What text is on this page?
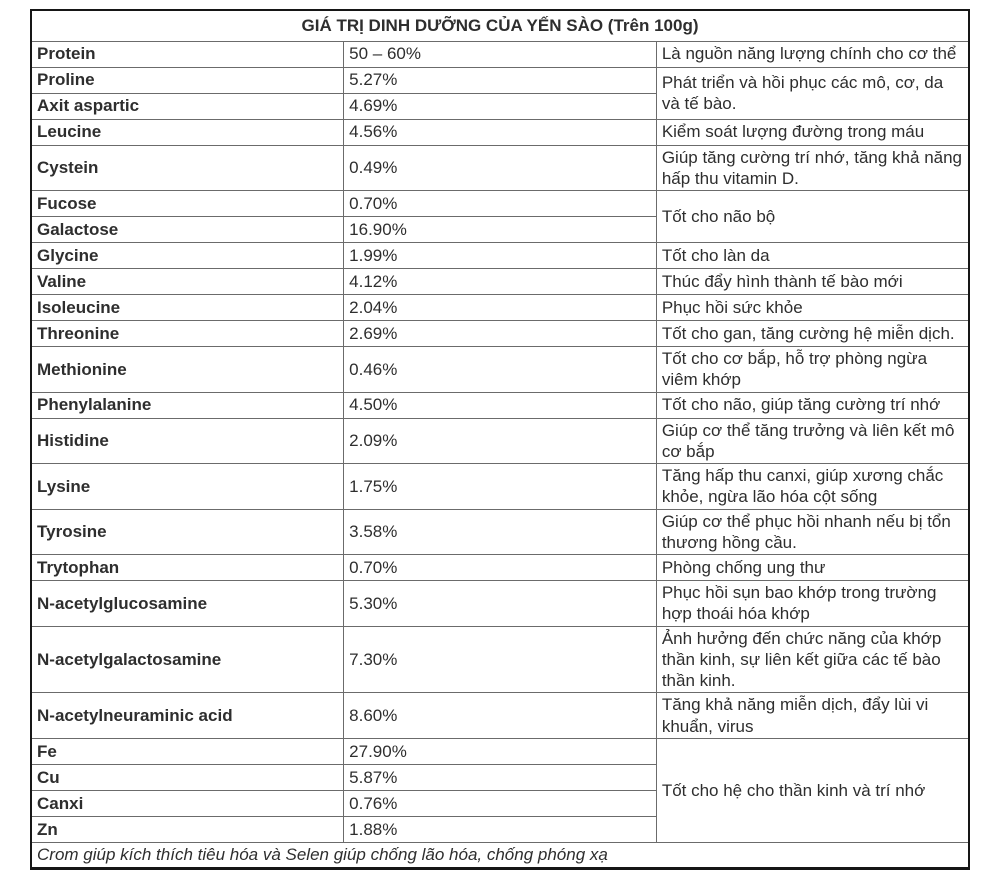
GIÁ TRỊ DINH DƯỠNG CỦA YẾN SÀO (Trên 100g)		
Protein	50 – 60%	Là nguồn năng lượng chính cho cơ thể
Proline	5.27%	Phát triển và hồi phục các mô, cơ, da và tế bào.
Axit aspartic	4.69%	
Leucine	4.56%	Kiểm soát lượng đường trong máu
Cystein	0.49%	Giúp tăng cường trí nhớ, tăng khả năng hấp thu vitamin D.
Fucose	0.70%	Tốt cho não bộ
Galactose	16.90%	
Glycine	1.99%	Tốt cho làn da
Valine	4.12%	Thúc đẩy hình thành tế bào mới
Isoleucine	2.04%	Phục hồi sức khỏe
Threonine	2.69%	Tốt cho gan, tăng cường hệ miễn dịch.
Methionine	0.46%	Tốt cho cơ bắp, hỗ trợ phòng ngừa viêm khớp
Phenylalanine	4.50%	Tốt cho não, giúp tăng cường trí nhớ
Histidine	2.09%	Giúp cơ thể tăng trưởng và liên kết mô cơ bắp
Lysine	1.75%	Tăng hấp thu canxi, giúp xương chắc khỏe, ngừa lão hóa cột sống
Tyrosine	3.58%	Giúp cơ thể phục hồi nhanh nếu bị tổn thương hồng cầu.
Trytophan	0.70%	Phòng chống ung thư
N-acetylglucosamine	5.30%	Phục hồi sụn bao khớp trong trường hợp thoái hóa khớp
N-acetylgalactosamine	7.30%	Ảnh hưởng đến chức năng của khớp thần kinh, sự liên kết giữa các tế bào thần kinh.
N-acetylneuraminic acid	8.60%	Tăng khả năng miễn dịch, đẩy lùi vi khuẩn, virus
Fe	27.90%	Tốt cho hệ cho thần kinh và trí nhớ
Cu	5.87%	
Canxi	0.76%	
Zn	1.88%	
Crom giúp kích thích tiêu hóa và Selen giúp chống lão hóa, chống phóng xạ		
